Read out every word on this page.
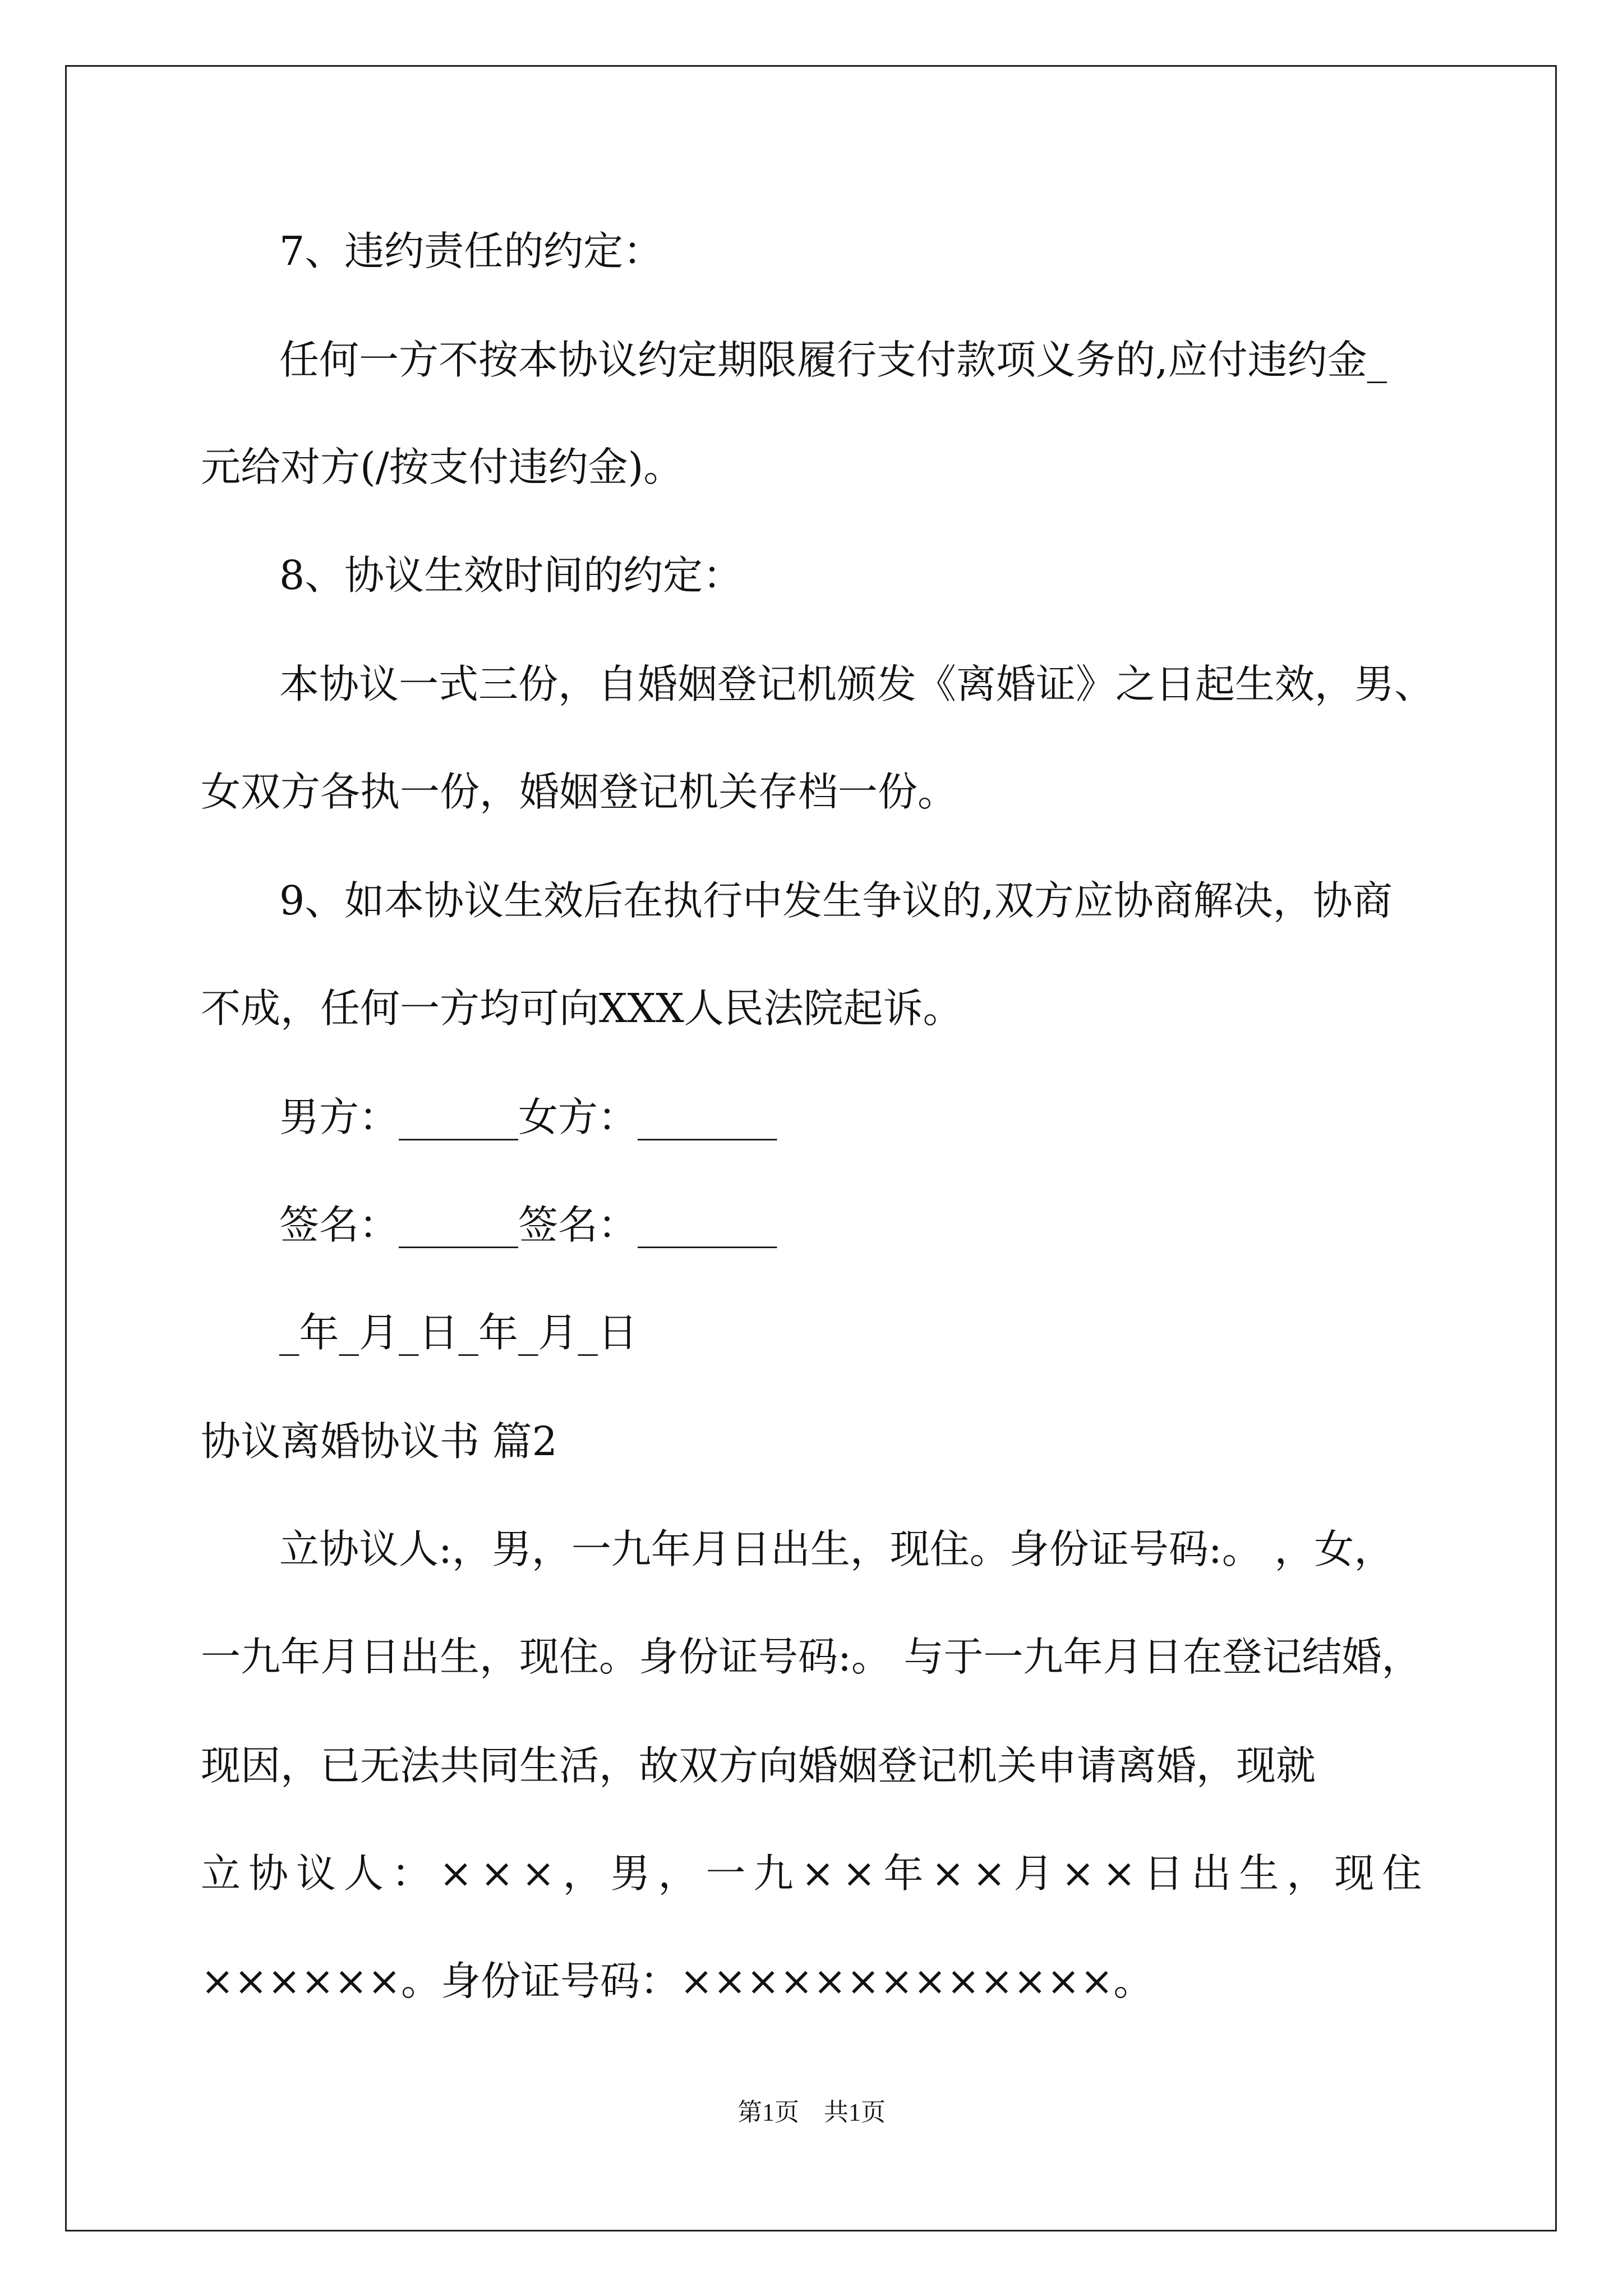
7、违约责任的约定：
任何一方不按本协议约定期限履行支付款项义务的,应付违约金_
元给对方(/按支付违约金)。
8、协议生效时间的约定：
本协议一式三份，自婚姻登记机颁发《离婚证》之日起生效，男、
女双方各执一份，婚姻登记机关存档一份。
9、如本协议生效后在执行中发生争议的,双方应协商解决，协商
不成，任何一方均可向XXX人民法院起诉。
男方：______女方：_______
签名：______签名：_______
_年_月_日_年_月_日
协议离婚协议书 篇2
立协议人:，男，一九年月日出生，现住。身份证号码:。 ，女，
一九年月日出生，现住。身份证号码:。 与于一九年月日在登记结婚，
现因，已无法共同生活，故双方向婚姻登记机关申请离婚，现就
立协议人：×××，男，一九××年××月××日出生，现住
××××××。身份证号码：×××××××××××××。
第1页　共1页
